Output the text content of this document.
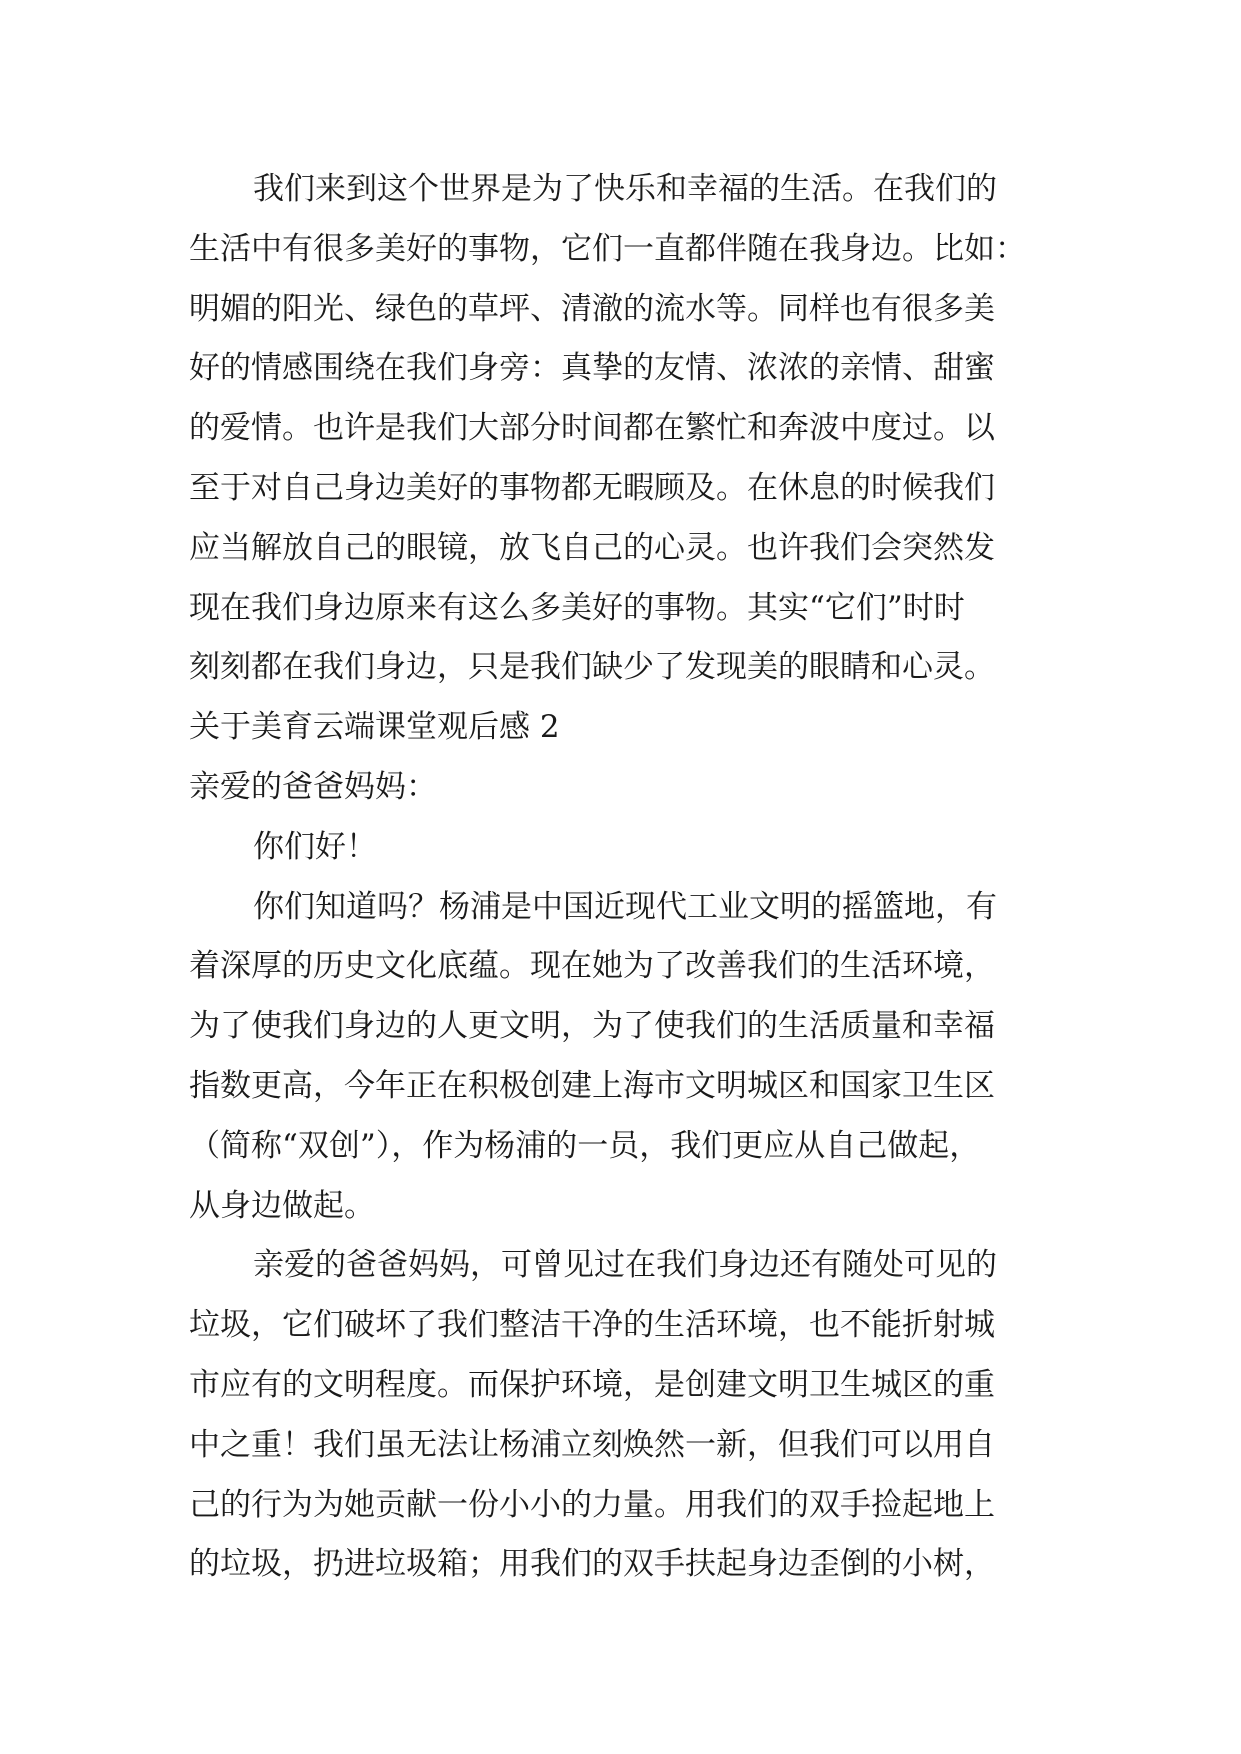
我们来到这个世界是为了快乐和幸福的生活。在我们的
生活中有很多美好的事物，它们一直都伴随在我身边。比如：
明媚的阳光、绿色的草坪、清澈的流水等。同样也有很多美
好的情感围绕在我们身旁：真挚的友情、浓浓的亲情、甜蜜
的爱情。也许是我们大部分时间都在繁忙和奔波中度过。以
至于对自己身边美好的事物都无暇顾及。在休息的时候我们
应当解放自己的眼镜，放飞自己的心灵。也许我们会突然发
现在我们身边原来有这么多美好的事物。其实“它们”时时
刻刻都在我们身边，只是我们缺少了发现美的眼睛和心灵。
关于美育云端课堂观后感 2
亲爱的爸爸妈妈：
你们好！
你们知道吗？杨浦是中国近现代工业文明的摇篮地，有
着深厚的历史文化底蕴。现在她为了改善我们的生活环境，
为了使我们身边的人更文明，为了使我们的生活质量和幸福
指数更高，今年正在积极创建上海市文明城区和国家卫生区
（简称“双创”），作为杨浦的一员，我们更应从自己做起，
从身边做起。
亲爱的爸爸妈妈，可曾见过在我们身边还有随处可见的
垃圾，它们破坏了我们整洁干净的生活环境，也不能折射城
市应有的文明程度。而保护环境，是创建文明卫生城区的重
中之重！我们虽无法让杨浦立刻焕然一新，但我们可以用自
己的行为为她贡献一份小小的力量。用我们的双手捡起地上
的垃圾，扔进垃圾箱；用我们的双手扶起身边歪倒的小树，
